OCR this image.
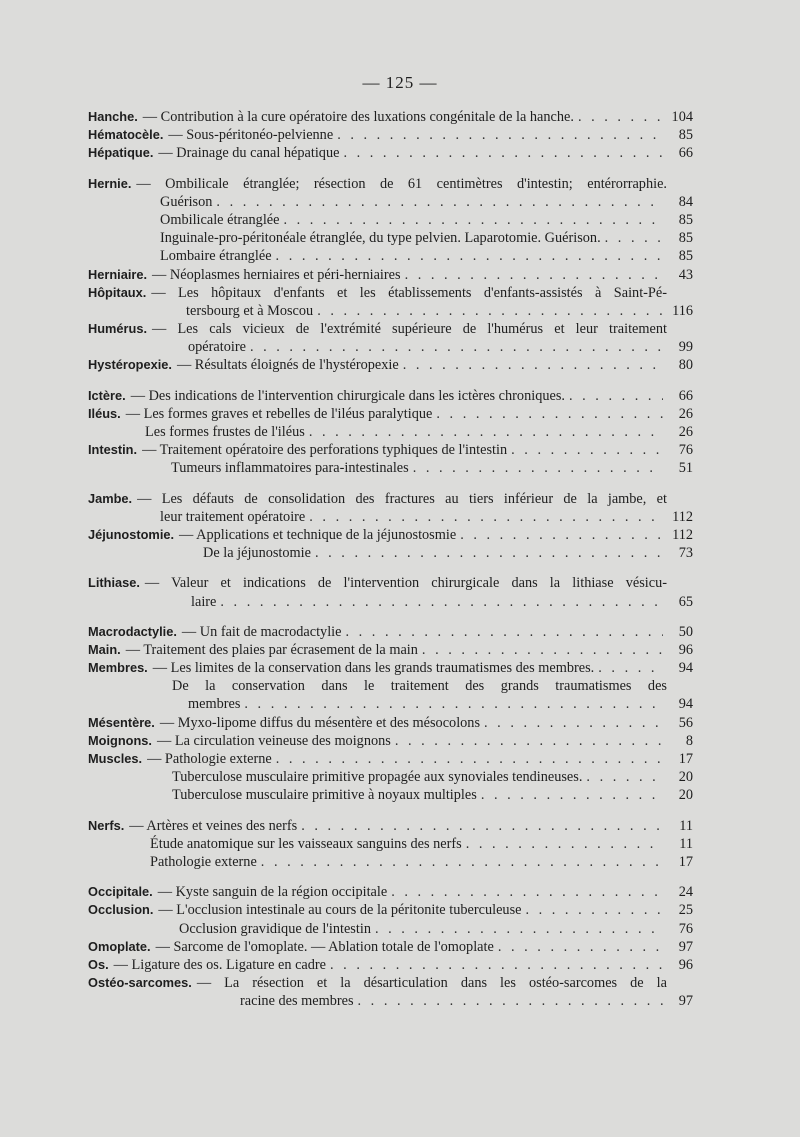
— 125 —
Hanche. — Contribution à la cure opératoire des luxations congénitale de la hanche. . . .	104
Hématocèle. — Sous-péritonéo-pelvienne . . .	85
Hépatique. — Drainage du canal hépatique . . .	66
Hernie. — Ombilicale étranglée; résection de 61 centimètres d'intestin; entérorraphie.
Guérison . . .	84
Ombilicale étranglée . . .	85
Inguinale-pro-péritonéale étranglée, du type pelvien. Laparotomie. Guérison. . . .	85
Lombaire étranglée . . .	85
Herniaire. — Néoplasmes herniaires et péri-herniaires . . .	43
Hôpitaux. — Les hôpitaux d'enfants et les établissements d'enfants-assistés à Saint-Pé-
tersbourg et à Moscou . . .	116
Humérus. — Les cals vicieux de l'extrémité supérieure de l'humérus et leur traitement
opératoire . . .	99
Hystéropexie. — Résultats éloignés de l'hystéropexie . . .	80
Ictère. — Des indications de l'intervention chirurgicale dans les ictères chroniques. . . .	66
Iléus. — Les formes graves et rebelles de l'iléus paralytique . . .	26
Les formes frustes de l'iléus . . .	26
Intestin. — Traitement opératoire des perforations typhiques de l'intestin . . .	76
Tumeurs inflammatoires para-intestinales . . .	51
Jambe. — Les défauts de consolidation des fractures au tiers inférieur de la jambe, et
leur traitement opératoire . . .	112
Jéjunostomie. — Applications et technique de la jéjunostosmie . . .	112
De la jéjunostomie . . .	73
Lithiase. — Valeur et indications de l'intervention chirurgicale dans la lithiase vésicu-
laire . . .	65
Macrodactylie. — Un fait de macrodactylie . . .	50
Main. — Traitement des plaies par écrasement de la main . . .	96
Membres. — Les limites de la conservation dans les grands traumatismes des membres. . . .	94
De la conservation dans le traitement des grands traumatismes des
membres . . .	94
Mésentère. — Myxo-lipome diffus du mésentère et des mésocolons . . .	56
Moignons. — La circulation veineuse des moignons . . .	8
Muscles. — Pathologie externe . . .	17
Tuberculose musculaire primitive propagée aux synoviales tendineuses. . . .	20
Tuberculose musculaire primitive à noyaux multiples . . .	20
Nerfs. — Artères et veines des nerfs . . .	11
Étude anatomique sur les vaisseaux sanguins des nerfs . . .	11
Pathologie externe . . .	17
Occipitale. — Kyste sanguin de la région occipitale . . .	24
Occlusion. — L'occlusion intestinale au cours de la péritonite tuberculeuse . . .	25
Occlusion gravidique de l'intestin . . .	76
Omoplate. — Sarcome de l'omoplate. — Ablation totale de l'omoplate . . .	97
Os. — Ligature des os. Ligature en cadre . . .	96
Ostéo-sarcomes. — La résection et la désarticulation dans les ostéo-sarcomes de la
racine des membres . . .	97
